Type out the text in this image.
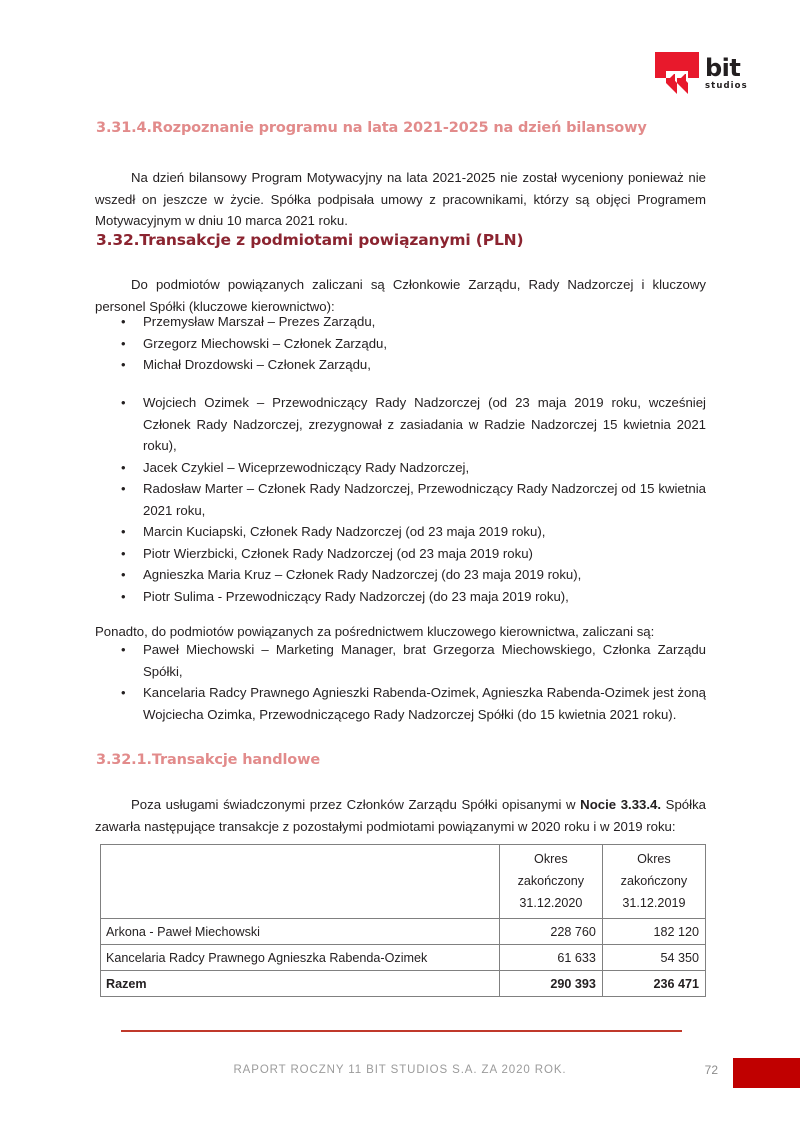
bit
studios
3.31.4.Rozpoznanie programu na lata 2021-2025 na dzień bilansowy

Na dzień bilansowy Program Motywacyjny na lata 2021-2025 nie został wyceniony ponieważ nie wszedł on jeszcze w życie. Spółka podpisała umowy z pracownikami, którzy są objęci Programem Motywacyjnym w dniu 10 marca 2021 roku.

3.32.Transakcje z podmiotami powiązanymi (PLN)

Do podmiotów powiązanych zaliczani są Członkowie Zarządu, Rady Nadzorczej i kluczowy personel Spółki (kluczowe kierownictwo):

• Przemysław Marszał – Prezes Zarządu,
• Grzegorz Miechowski – Członek Zarządu,
• Michał Drozdowski – Członek Zarządu,
• Wojciech Ozimek – Przewodniczący Rady Nadzorczej (od 23 maja 2019 roku, wcześniej Członek Rady Nadzorczej, zrezygnował z zasiadania w Radzie Nadzorczej 15 kwietnia 2021 roku),
• Jacek Czykiel – Wiceprzewodniczący Rady Nadzorczej,
• Radosław Marter – Członek Rady Nadzorczej, Przewodniczący Rady Nadzorczej od 15 kwietnia 2021 roku,
• Marcin Kuciapski, Członek Rady Nadzorczej (od 23 maja 2019 roku),
• Piotr Wierzbicki, Członek Rady Nadzorczej (od 23 maja 2019 roku)
• Agnieszka Maria Kruz – Członek Rady Nadzorczej (do 23 maja 2019 roku),
• Piotr Sulima - Przewodniczący Rady Nadzorczej (do 23 maja 2019 roku),

Ponadto, do podmiotów powiązanych za pośrednictwem kluczowego kierownictwa, zaliczani są:

• Paweł Miechowski – Marketing Manager, brat Grzegorza Miechowskiego, Członka Zarządu Spółki,
• Kancelaria Radcy Prawnego Agnieszki Rabenda-Ozimek, Agnieszka Rabenda-Ozimek jest żoną Wojciecha Ozimka, Przewodniczącego Rady Nadzorczej Spółki (do 15 kwietnia 2021 roku).
3.32.1.Transakcje handlowe

Poza usługami świadczonymi przez Członków Zarządu Spółki opisanymi w Nocie 3.33.4. Spółka zawarła następujące transakcje z pozostałymi podmiotami powiązanymi w 2020 roku i w 2019 roku:

	Okres
zakończony
31.12.2020	Okres
zakończony
31.12.2019

Arkona - Paweł Miechowski	228 760	182 120
Kancelaria Radcy Prawnego Agnieszka Rabenda-Ozimek	61 633	54 350
Razem	290 393	236 471
RAPORT ROCZNY 11 BIT STUDIOS S.A. ZA 2020 ROK.	72
